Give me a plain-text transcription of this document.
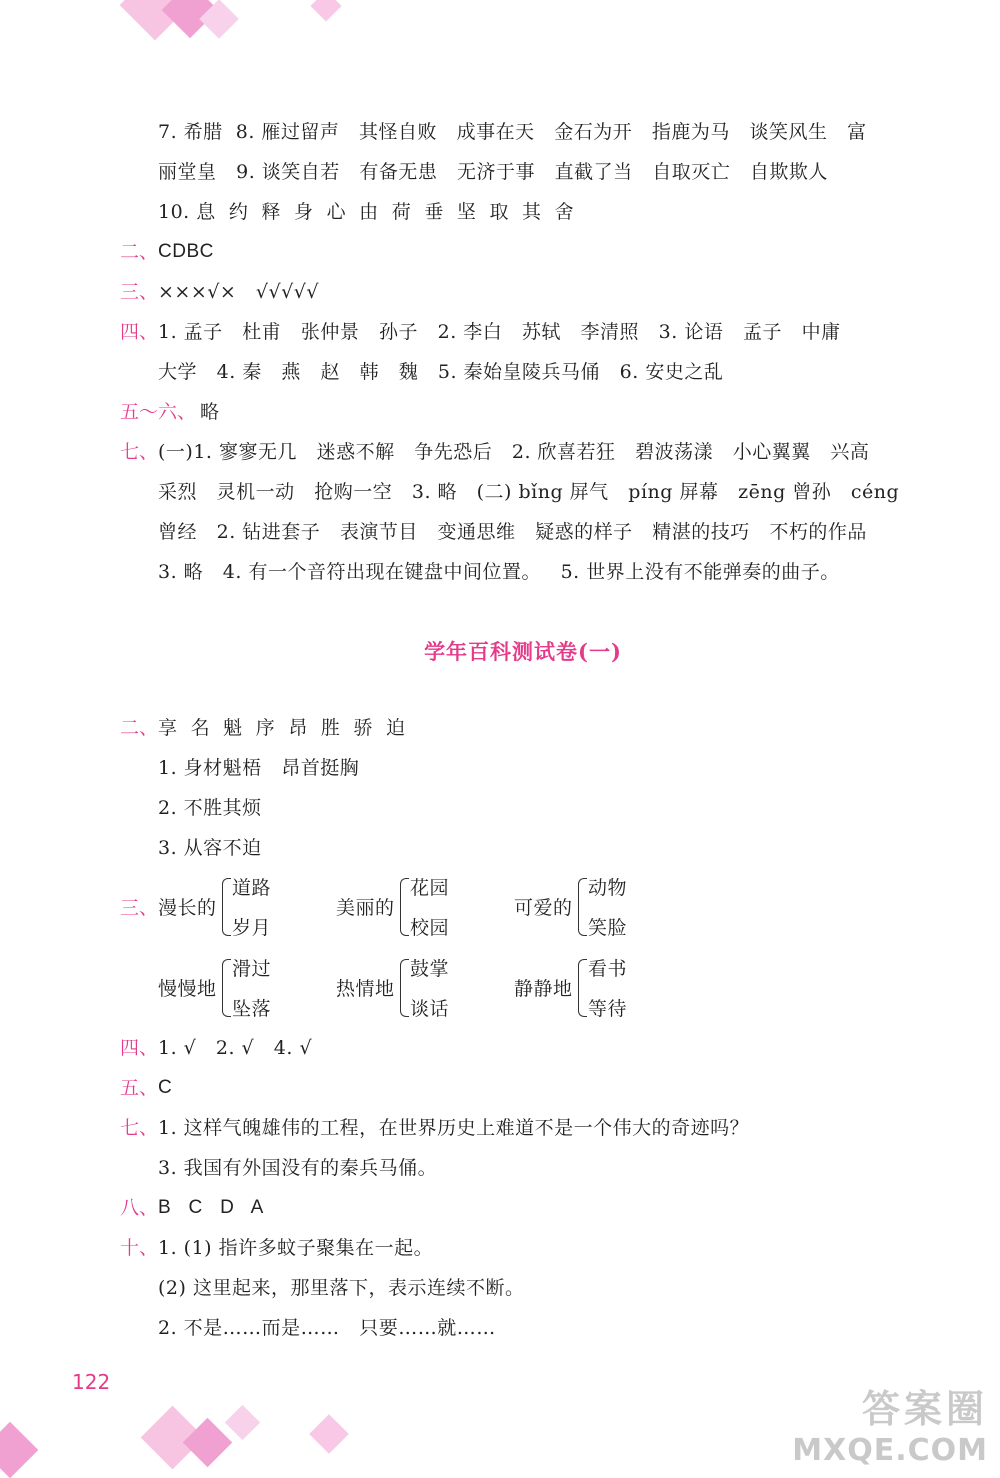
7. 希腊  8. 雁过留声   其怪自败   成事在天   金石为开   指鹿为马   谈笑风生   富
丽堂皇   9. 谈笑自若   有备无患   无济于事   直截了当   自取灭亡   自欺欺人
10. 息  约  释  身  心  由  荷  垂  坚  取  其  舍
二、 CDBC
三、 ×××√×   √√√√√
四、 1. 孟子   杜甫   张仲景   孙子   2. 李白   苏轼   李清照   3. 论语   孟子   中庸
大学   4. 秦   燕   赵   韩   魏   5. 秦始皇陵兵马俑   6. 安史之乱
五～六、 略
七、 (一)1. 寥寥无几   迷惑不解   争先恐后   2. 欣喜若狂   碧波荡漾   小心翼翼   兴高
采烈   灵机一动   抢购一空   3. 略   (二) bǐng 屏气   píng 屏幕   zēng 曾孙   céng
曾经   2. 钻进套子   表演节目   变通思维   疑惑的样子   精湛的技巧   不朽的作品
3. 略   4. 有一个音符出现在键盘中间位置。   5. 世界上没有不能弹奏的曲子。
学年百科测试卷(一)
二、 享  名  魁  序  昂  胜  骄  迫
1. 身材魁梧   昂首挺胸
2. 不胜其烦
3. 从容不迫
三、 漫长的
道路
岁月
美丽的
花园
校园
可爱的
动物
笑脸
慢慢地
滑过
坠落
热情地
鼓掌
谈话
静静地
看书
等待
四、 1. √   2. √   4. √
五、 C
七、 1. 这样气魄雄伟的工程，在世界历史上难道不是一个伟大的奇迹吗？
3. 我国有外国没有的秦兵马俑。
八、 B   C   D   A
十、 1. (1) 指许多蚊子聚集在一起。
(2) 这里起来，那里落下，表示连续不断。
2. 不是……而是……   只要……就……
122
答案圈
MXQE.COM
